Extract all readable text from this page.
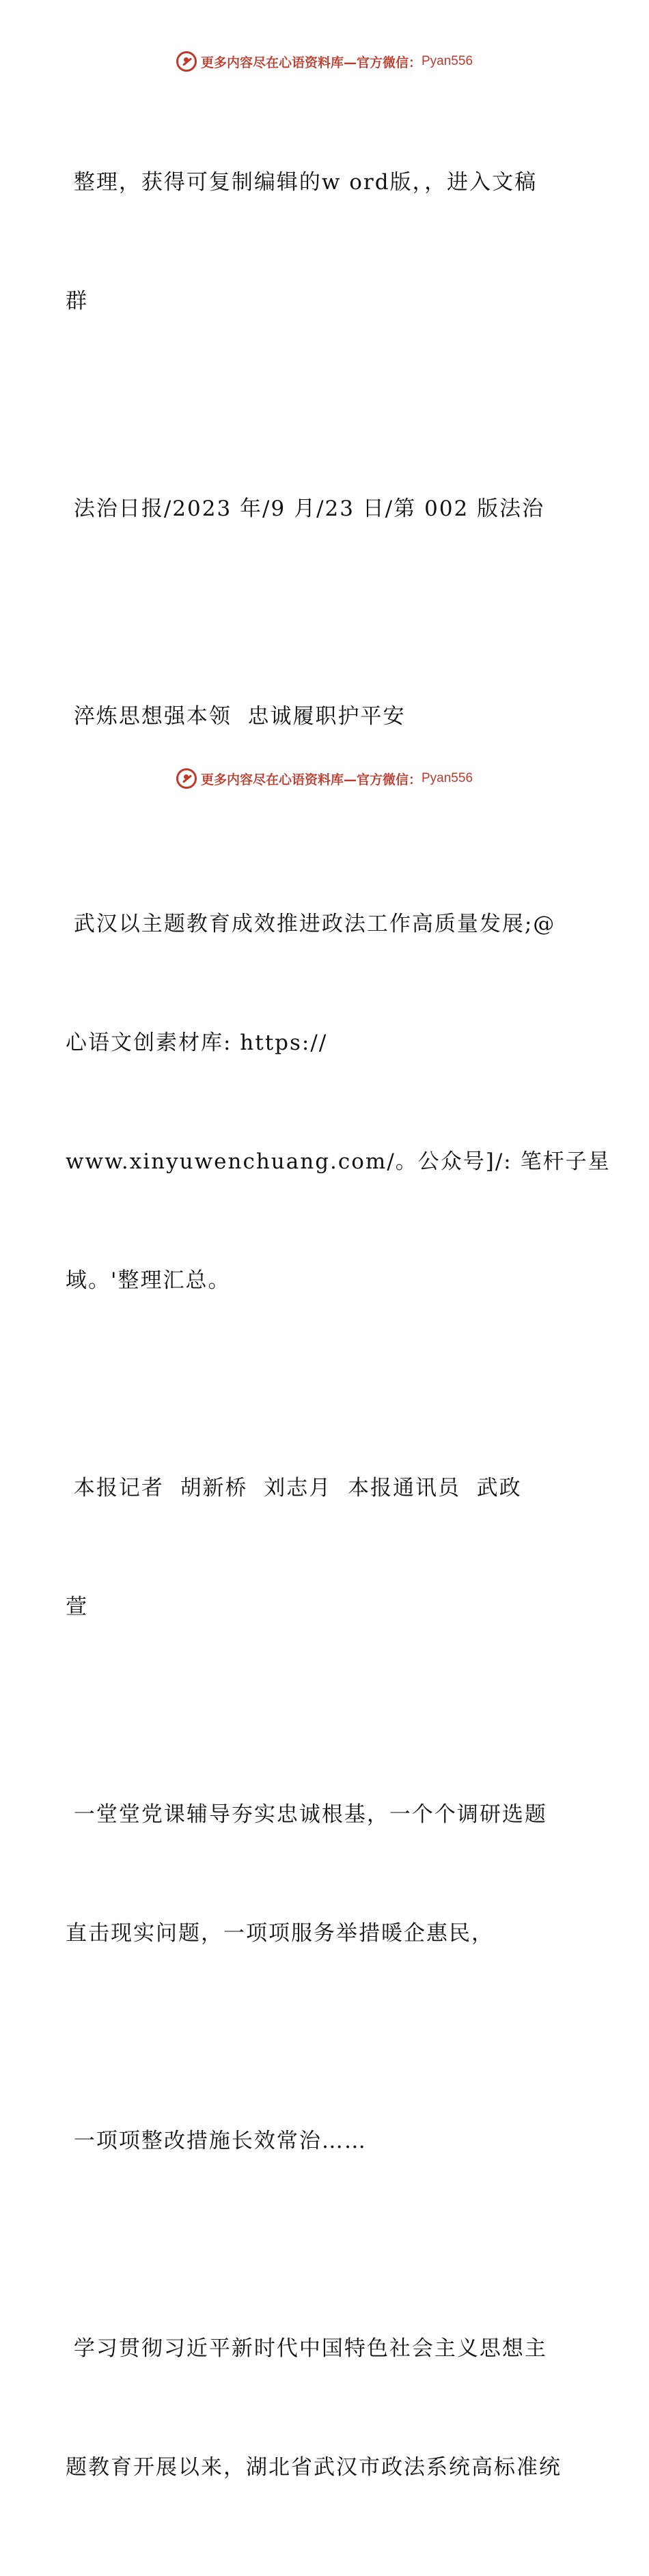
更多内容尽在心语资料库—官方微信： Pyan556

整理，获得可复制编辑的w ord版，，进入文稿

群

法治日报/2023 年/9 月/23 日/第 002 版法治

淬炼思想强本领  忠诚履职护平安

武汉以主题教育成效推进政法工作高质量发展;@

心语文创素材库: https://

www.xinyuwenchuang.com/。公众号]/: 笔杆子星

域。'整理汇总。

本报记者  胡新桥  刘志月  本报通讯员  武政

萱

一堂堂党课辅导夯实忠诚根基，一个个调研选题

直击现实问题，一项项服务举措暖企惠民，

一项项整改措施长效常治……

学习贯彻习近平新时代中国特色社会主义思想主

题教育开展以来，湖北省武汉市政法系统高标准统

更多内容尽在心语资料库—官方微信： Pyan556
